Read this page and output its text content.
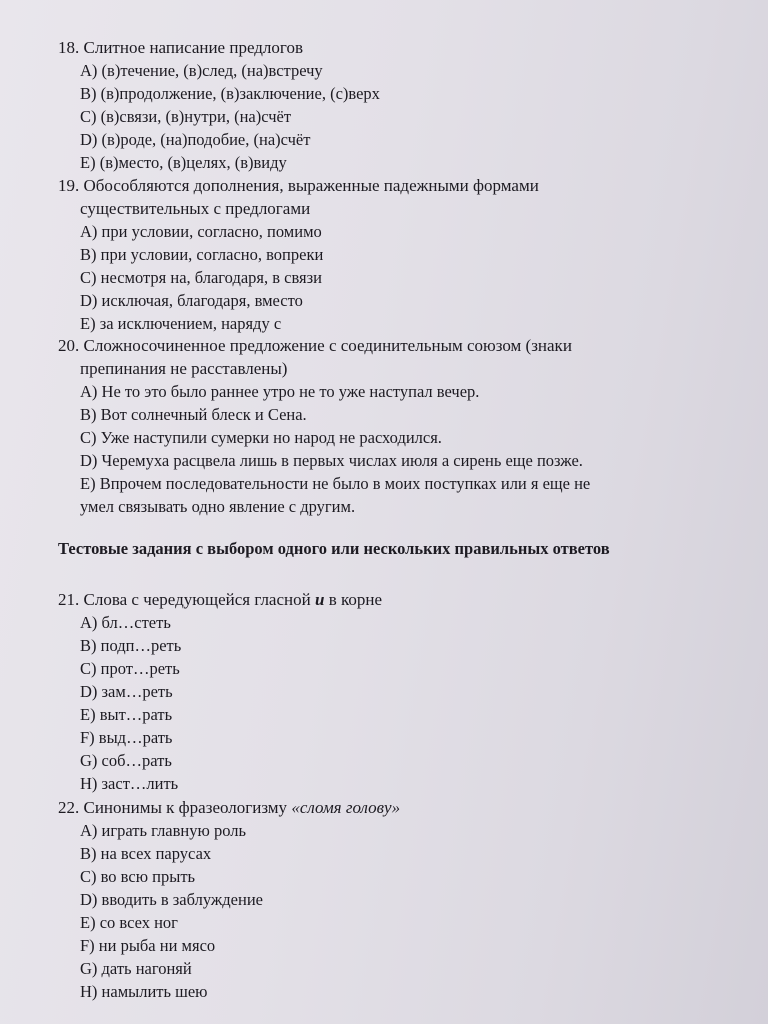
18. Слитное написание предлогов

A) (в)течение, (в)след, (на)встречу

B) (в)продолжение, (в)заключение, (с)верх

C) (в)связи, (в)нутри, (на)счёт

D) (в)роде, (на)подобие, (на)счёт

E) (в)место, (в)целях, (в)виду

19. Обособляются дополнения, выраженные падежными формами

существительных с предлогами

A) при условии, согласно, помимо

B) при условии, согласно, вопреки

C) несмотря на, благодаря, в связи

D) исключая, благодаря, вместо

E) за исключением, наряду с

20. Сложносочиненное предложение с соединительным союзом (знаки

препинания не расставлены)

A) Не то это было раннее утро не то уже наступал вечер.

B) Вот солнечный блеск и Сена.

C) Уже наступили сумерки но народ не расходился.

D) Черемуха расцвела лишь в первых числах июля а сирень еще позже.

E) Впрочем последовательности не было в моих поступках или я еще не

умел связывать одно явление с другим.

Тестовые задания с выбором одного или нескольких правильных ответов

21. Слова с чередующейся гласной и в корне

A) бл…стеть

B) подп…реть

C) прот…реть

D) зам…реть

E) выт…рать

F) выд…рать

G) соб…рать

H) заст…лить

22. Синонимы к фразеологизму «сломя голову»

A) играть главную роль

B) на всех парусах

C) во всю прыть

D) вводить в заблуждение

E) со всех ног

F) ни рыба ни мясо

G) дать нагоняй

H) намылить шею
